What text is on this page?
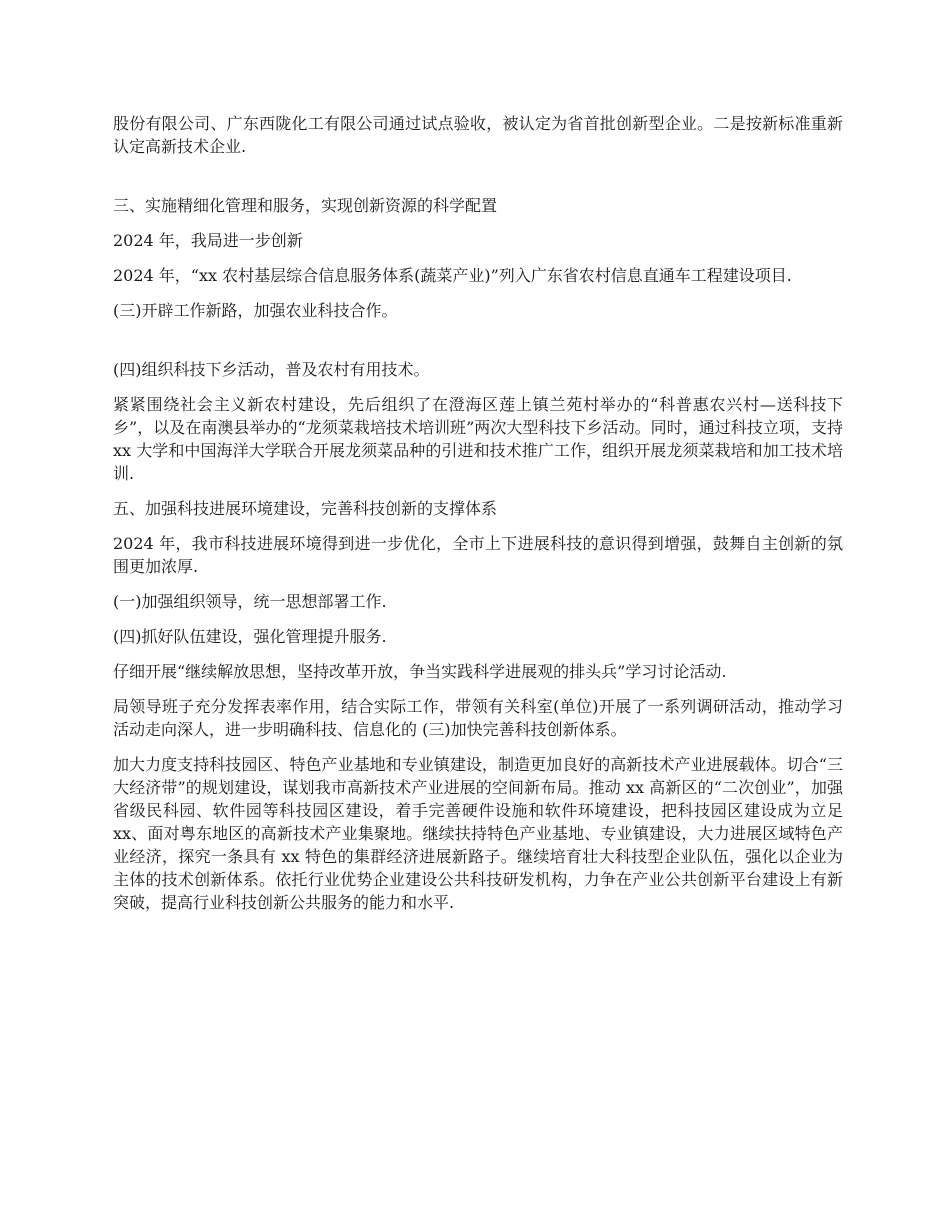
股份有限公司、广东西陇化工有限公司通过试点验收，被认定为省首批创新型企业。二是按新标准重新认定高新技术企业.

三、实施精细化管理和服务，实现创新资源的科学配置

2024 年，我局进一步创新

2024 年，“xx 农村基层综合信息服务体系(蔬菜产业)”列入广东省农村信息直通车工程建设项目.

(三)开辟工作新路，加强农业科技合作。

(四)组织科技下乡活动，普及农村有用技术。

紧紧围绕社会主义新农村建设，先后组织了在澄海区莲上镇兰苑村举办的“科普惠农兴村—送科技下乡”，以及在南澳县举办的“龙须菜栽培技术培训班”两次大型科技下乡活动。同时，通过科技立项，支持 xx 大学和中国海洋大学联合开展龙须菜品种的引进和技术推广工作，组织开展龙须菜栽培和加工技术培训.

五、加强科技进展环境建设，完善科技创新的支撑体系

2024 年，我市科技进展环境得到进一步优化，全市上下进展科技的意识得到增强，鼓舞自主创新的氛围更加浓厚.

(一)加强组织领导，统一思想部署工作.

(四)抓好队伍建设，强化管理提升服务.

仔细开展“继续解放思想，坚持改革开放，争当实践科学进展观的排头兵”学习讨论活动.

局领导班子充分发挥表率作用，结合实际工作，带领有关科室(单位)开展了一系列调研活动，推动学习活动走向深人，进一步明确科技、信息化的 (三)加快完善科技创新体系。

加大力度支持科技园区、特色产业基地和专业镇建设，制造更加良好的高新技术产业进展载体。切合“三大经济带”的规划建设，谋划我市高新技术产业进展的空间新布局。推动 xx 高新区的“二次创业”，加强省级民科园、软件园等科技园区建设，着手完善硬件设施和软件环境建设，把科技园区建设成为立足 xx、面对粤东地区的高新技术产业集聚地。继续扶持特色产业基地、专业镇建设，大力进展区域特色产业经济，探究一条具有 xx 特色的集群经济进展新路子。继续培育壮大科技型企业队伍，强化以企业为主体的技术创新体系。依托行业优势企业建设公共科技研发机构，力争在产业公共创新平台建设上有新突破，提高行业科技创新公共服务的能力和水平.
